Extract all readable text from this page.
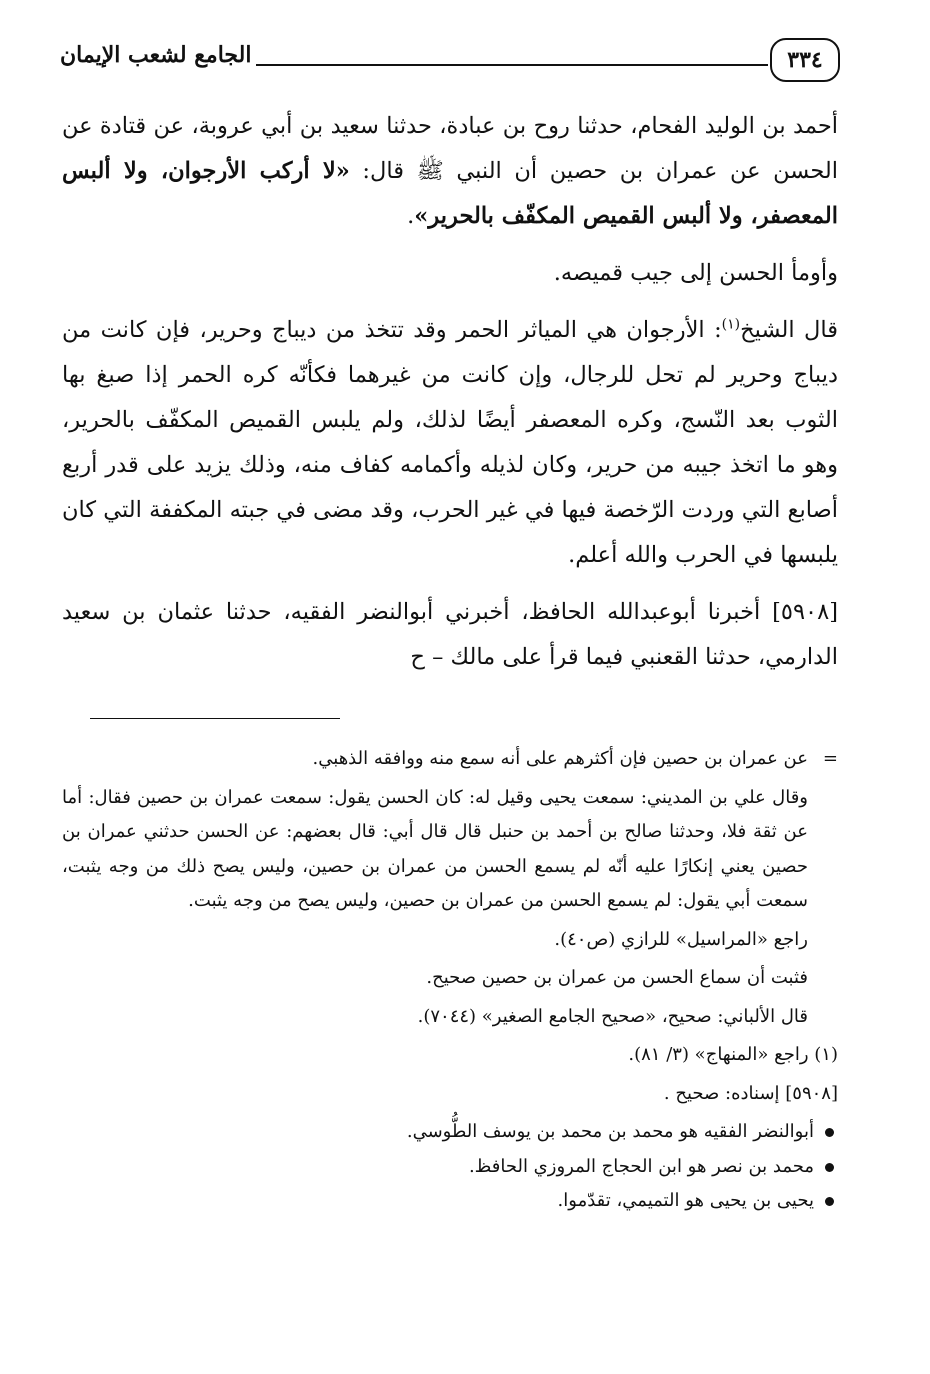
٣٣٤
الجامع لشعب الإيمان

أحمد بن الوليد الفحام، حدثنا روح بن عبادة، حدثنا سعيد بن أبي عروبة، عن قتادة عن الحسن عن عمران بن حصين أن النبي ﷺ قال: «لا أركب الأرجوان، ولا ألبس المعصفر، ولا ألبس القميص المكفّف بالحرير».

وأومأ الحسن إلى جيب قميصه.

قال الشيخ$^{(١)}$: الأرجوان هي المياثر الحمر وقد تتخذ من ديباج وحرير، فإن كانت من ديباج وحرير لم تحل للرجال، وإن كانت من غيرهما فكأنّه كره الحمر إذا صبغ بها الثوب بعد النّسج، وكره المعصفر أيضًا لذلك، ولم يلبس القميص المكفّف بالحرير، وهو ما اتخذ جيبه من حرير، وكان لذيله وأكمامه كفاف منه، وذلك يزيد على قدر أربع أصابع التي وردت الرّخصة فيها في غير الحرب، وقد مضى في جبته المكففة التي كان يلبسها في الحرب والله أعلم.

[٥٩٠٨] أخبرنا أبوعبدالله الحافظ، أخبرني أبوالنضر الفقيه، حدثنا عثمان بن سعيد الدارمي، حدثنا القعنبي فيما قرأ على مالك – ح

=
عن عمران بن حصين فإن أكثرهم على أنه سمع منه ووافقه الذهبي.

وقال علي بن المديني: سمعت يحيى وقيل له: كان الحسن يقول: سمعت عمران بن حصين فقال: أما عن ثقة فلا، وحدثنا صالح بن أحمد بن حنبل قال قال أبي: قال بعضهم: عن الحسن حدثني عمران بن حصين يعني إنكارًا عليه أنّه لم يسمع الحسن من عمران بن حصين، وليس يصح ذلك من وجه يثبت، سمعت أبي يقول: لم يسمع الحسن من عمران بن حصين، وليس يصح من وجه يثبت.

راجع «المراسيل» للرازي (ص٤٠).

فثبت أن سماع الحسن من عمران بن حصين صحيح.

قال الألباني: صحيح، «صحيح الجامع الصغير» (٧٠٤٤).

(١) راجع «المنهاج» (٣/ ٨١).

[٥٩٠٨] إسناده: صحيح .

أبوالنضر الفقيه هو محمد بن محمد بن يوسف الطُّوسي.
محمد بن نصر هو ابن الحجاج المروزي الحافظ.
يحيى بن يحيى هو التميمي، تقدّموا.
